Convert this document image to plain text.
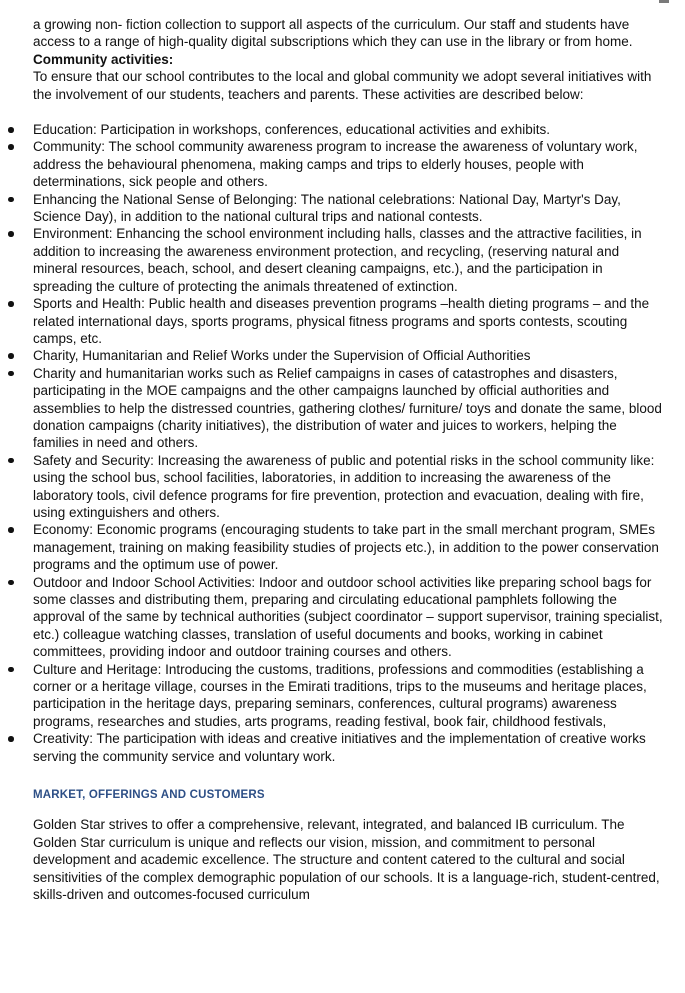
a growing non- fiction collection to support all aspects of the curriculum. Our staff and students have access to a range of high-quality digital subscriptions which they can use in the library or from home.

Community activities:

To ensure that our school contributes to the local and global community we adopt several initiatives with the involvement of our students, teachers and parents. These activities are described below:

Education: Participation in workshops, conferences, educational activities and exhibits.
Community: The school community awareness program to increase the awareness of voluntary work, address the behavioural phenomena, making camps and trips to elderly houses, people with determinations, sick people and others.
Enhancing the National Sense of Belonging: The national celebrations: National Day, Martyr's Day, Science Day), in addition to the national cultural trips and national contests.
Environment: Enhancing the school environment including halls, classes and the attractive facilities, in addition to increasing the awareness environment protection, and recycling, (reserving natural and mineral resources, beach, school, and desert cleaning campaigns, etc.), and the participation in spreading the culture of protecting the animals threatened of extinction.
Sports and Health: Public health and diseases prevention programs –health dieting programs – and the related international days, sports programs, physical fitness programs and sports contests, scouting camps, etc.
Charity, Humanitarian and Relief Works under the Supervision of Official Authorities
Charity and humanitarian works such as Relief campaigns in cases of catastrophes and disasters, participating in the MOE campaigns and the other campaigns launched by official authorities and assemblies to help the distressed countries, gathering clothes/ furniture/ toys and donate the same, blood donation campaigns (charity initiatives), the distribution of water and juices to workers, helping the families in need and others.
Safety and Security: Increasing the awareness of public and potential risks in the school community like: using the school bus, school facilities, laboratories, in addition to increasing the awareness of the laboratory tools, civil defence programs for fire prevention, protection and evacuation, dealing with fire, using extinguishers and others.
Economy: Economic programs (encouraging students to take part in the small merchant program, SMEs management, training on making feasibility studies of projects etc.), in addition to the power conservation programs and the optimum use of power.
Outdoor and Indoor School Activities: Indoor and outdoor school activities like preparing school bags for some classes and distributing them, preparing and circulating educational pamphlets following the approval of the same by technical authorities (subject coordinator – support supervisor, training specialist, etc.) colleague watching classes, translation of useful documents and books, working in cabinet committees, providing indoor and outdoor training courses and others.
Culture and Heritage: Introducing the customs, traditions, professions and commodities (establishing a corner or a heritage village, courses in the Emirati traditions, trips to the museums and heritage places, participation in the heritage days, preparing seminars, conferences, cultural programs) awareness programs, researches and studies, arts programs, reading festival, book fair, childhood festivals,
Creativity: The participation with ideas and creative initiatives and the implementation of creative works serving the community service and voluntary work.

MARKET, OFFERINGS AND CUSTOMERS

Golden Star strives to offer a comprehensive, relevant, integrated, and balanced IB curriculum. The Golden Star curriculum is unique and reflects our vision, mission, and commitment to personal development and academic excellence. The structure and content catered to the cultural and social sensitivities of the complex demographic population of our schools. It is a language-rich, student-centred, skills-driven and outcomes-focused curriculum
